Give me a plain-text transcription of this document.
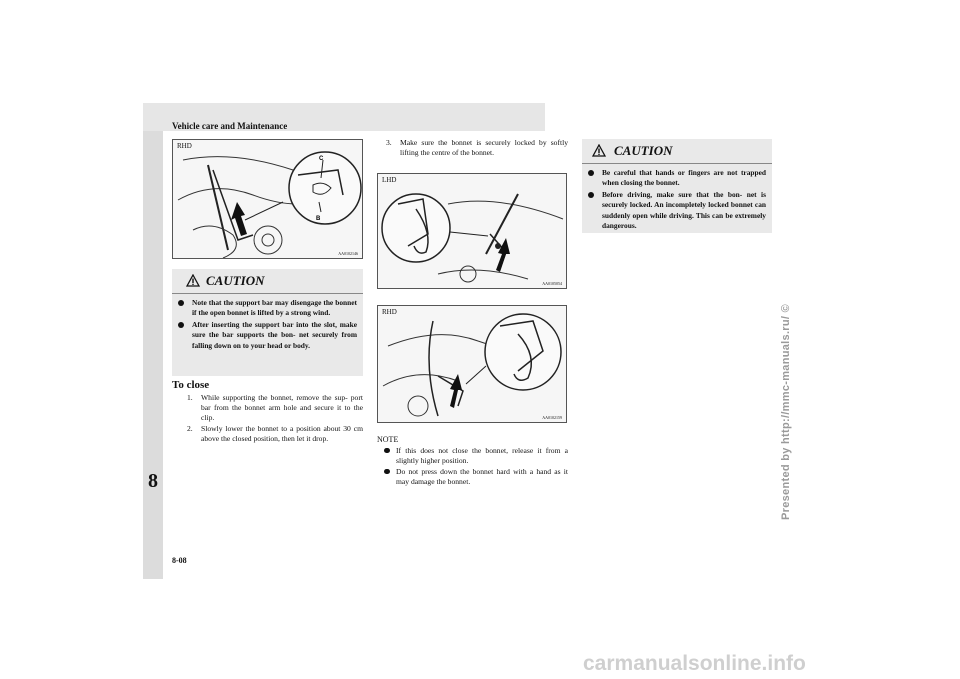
Vehicle care and Maintenance
8
8-08
C
B
RHD
AA0102146
CAUTION
Note that the support bar may disengage the bonnet if the open bonnet is lifted by a strong wind.
After inserting the support bar into the slot, make sure the bar supports the bon- net securely from falling down on to your head or body.
To close
1. While supporting the bonnet, remove the sup- port bar from the bonnet arm hole and secure it to the clip.
2. Slowly lower the bonnet to a position about 30 cm above the closed position, then let it drop.
3. Make sure the bonnet is securely locked by softly lifting the centre of the bonnet.
LHD
AA0105054
RHD
AA0102159
NOTE
If this does not close the bonnet, release it from a slightly higher position.
Do not press down the bonnet hard with a hand as it may damage the bonnet.
CAUTION
Be careful that hands or fingers are not trapped when closing the bonnet.
Before driving, make sure that the bon- net is securely locked. An incompletely locked bonnet can suddenly open while driving. This can be extremely dangerous.
Presented by http://mmc-manuals.ru/ ©
carmanualsonline.info
